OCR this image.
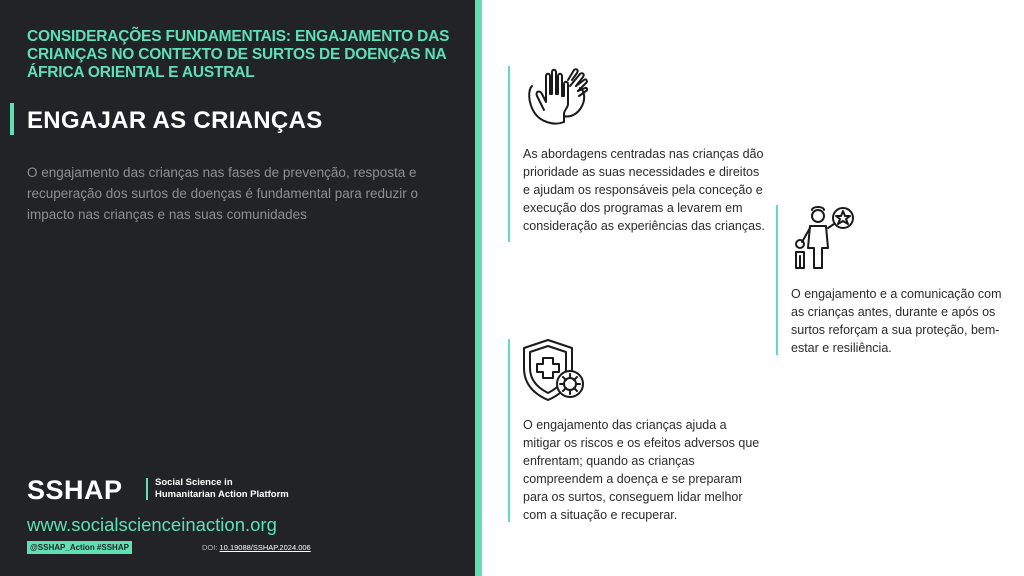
CONSIDERAÇÕES FUNDAMENTAIS: ENGAJAMENTO DAS CRIANÇAS NO CONTEXTO DE SURTOS DE DOENÇAS NA ÁFRICA ORIENTAL E AUSTRAL
ENGAJAR AS CRIANÇAS
O engajamento das crianças nas fases de prevenção, resposta e recuperação dos surtos de doenças é fundamental para reduzir o impacto nas crianças e nas suas comunidades
SSHAP	Social Science in
Humanitarian Action Platform
www.socialscienceinaction.org
@SSHAP_Action #SSHAP	DOI: 10.19088/SSHAP.2024.006
As abordagens centradas nas crianças dão prioridade as suas necessidades e direitos e ajudam os responsáveis pela conceção e execução dos programas a levarem em consideração as experiências das crianças.
O engajamento e a comunicação com as crianças antes, durante e após os surtos reforçam a sua proteção, bem-estar e resiliência.
O engajamento das crianças ajuda a mitigar os riscos e os efeitos adversos que enfrentam; quando as crianças compreendem a doença e se preparam para os surtos, conseguem lidar melhor com a situação e recuperar.
